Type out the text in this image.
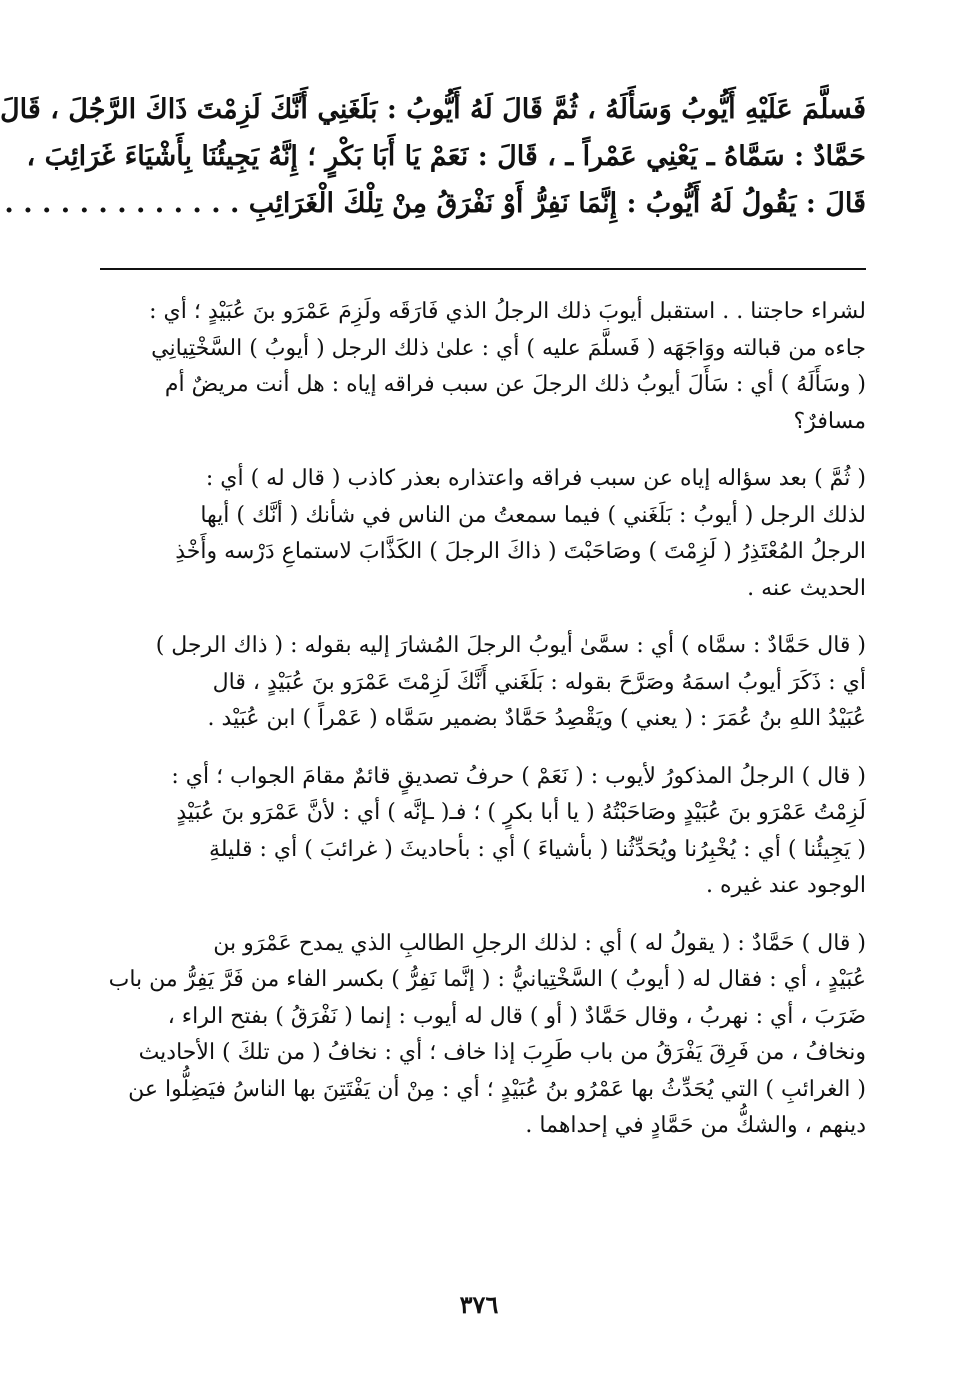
فَسلَّمَ عَلَيْهِ أَيُّوبُ وَسَأَلَهُ ، ثُمَّ قَالَ لَهُ أَيُّوبُ : بَلَغَنِي أَنَّكَ لَزِمْتَ ذَاكَ الرَّجُلَ ، قَالَ
حَمَّادٌ : سَمَّاهُ ـ يَعْنِي عَمْراً ـ ، قَالَ : نَعَمْ يَا أَبَا بَكْرٍ ؛ إِنَّهُ يَجِيئُنَا بِأَشْيَاءَ غَرَائِبَ ،
قَالَ : يَقُولُ لَهُ أَيُّوبُ : إِنَّمَا نَفِرُّ أَوْ نَفْرَقُ مِنْ تِلْكَ الْغَرَائِبِ . . . . . . . . . . . . .
لشراء حاجتنا . . استقبل أيوبَ ذلك الرجلُ الذي فَارَقَه ولَزِمَ عَمْرَو بنَ عُبَيْدٍ ؛ أي :
جاءه من قبالته ووَاجَهَه ( فَسلَّمَ عليه ) أي : علىٰ ذلك الرجل ( أيوبُ ) السَّخْتِيانِي
( وسَأَلَهُ ) أي : سَأَلَ أيوبُ ذلك الرجلَ عن سبب فراقه إياه : هل أنت مريضٌ أم
مسافرٌ؟
( ثُمَّ ) بعد سؤاله إياه عن سبب فراقه واعتذاره بعذر كاذب ( قال له ) أي :
لذلك الرجل ( أيوبُ : بَلَغَني ) فيما سمعتُ من الناس في شأنك ( أنَّك ) أيها
الرجلُ المُعْتَذِرُ ( لَزِمْتَ ) وصَاحَبْتَ ( ذاكَ الرجلَ ) الكَذَّابَ لاستماعِ دَرْسه وأَخْذِ
الحديث عنه .
( قال حَمَّادٌ : سمَّاه ) أي : سمَّىٰ أيوبُ الرجلَ المُشارَ إليه بقوله : ( ذاك الرجل )
أي : ذَكَرَ أيوبُ اسمَهُ وصَرَّحَ بقوله : بَلَغَني أَنَّكَ لَزِمْتَ عَمْرَو بنَ عُبَيْدٍ ، قال
عُبَيْدُ اللهِ بنُ عُمَرَ : ( يعني ) ويَقْصِدُ حَمَّادٌ بضمير سَمَّاه ( عَمْراً ) ابن عُبَيْد .
( قال ) الرجلُ المذكورُ لأيوب : ( نَعَمْ ) حرفُ تصديقٍ قائمٌ مقامَ الجواب ؛ أي :
لَزِمْتُ عَمْرَو بنَ عُبَيْدٍ وصَاحَبْتُهُ ( يا أبا بكرٍ ) ؛ فـ( ـإنَّه ) أي : لأنَّ عَمْرَو بنَ عُبَيْدٍ
( يَجِيئُنا ) أي : يُخْبِرُنا ويُحَدِّثُنا ( بأشياءَ ) أي : بأحاديثَ ( غرائبَ ) أي : قليلةِ
الوجود عند غيره .
( قال ) حَمَّادٌ : ( يقولُ له ) أي : لذلك الرجلِ الطالبِ الذي يمدح عَمْرَو بن
عُبَيْدٍ ، أي : فقال له ( أيوبُ ) السَّخْتِيانيُّ : ( إنَّما نَفِرُّ ) بكسر الفاء من فَرَّ يَفِرُّ من باب
ضَرَبَ ، أي : نهربُ ، وقال حَمَّادٌ ( أو ) قال له أيوب : إنما ( نَفْرَقُ ) بفتح الراء ،
ونخافُ ، من فَرِقَ يَفْرَقُ من باب طَرِبَ إذا خاف ؛ أي : نخافُ ( من تلكَ ) الأحاديث
( الغرائبِ ) التي يُحَدِّثُ بها عَمْرُو بنُ عُبَيْدٍ ؛ أي : مِنْ أن يَفْتَتِنَ بها الناسُ فيَضِلُّوا عن
دينهم ، والشكُّ من حَمَّادٍ في إحداهما .
٣٧٦
